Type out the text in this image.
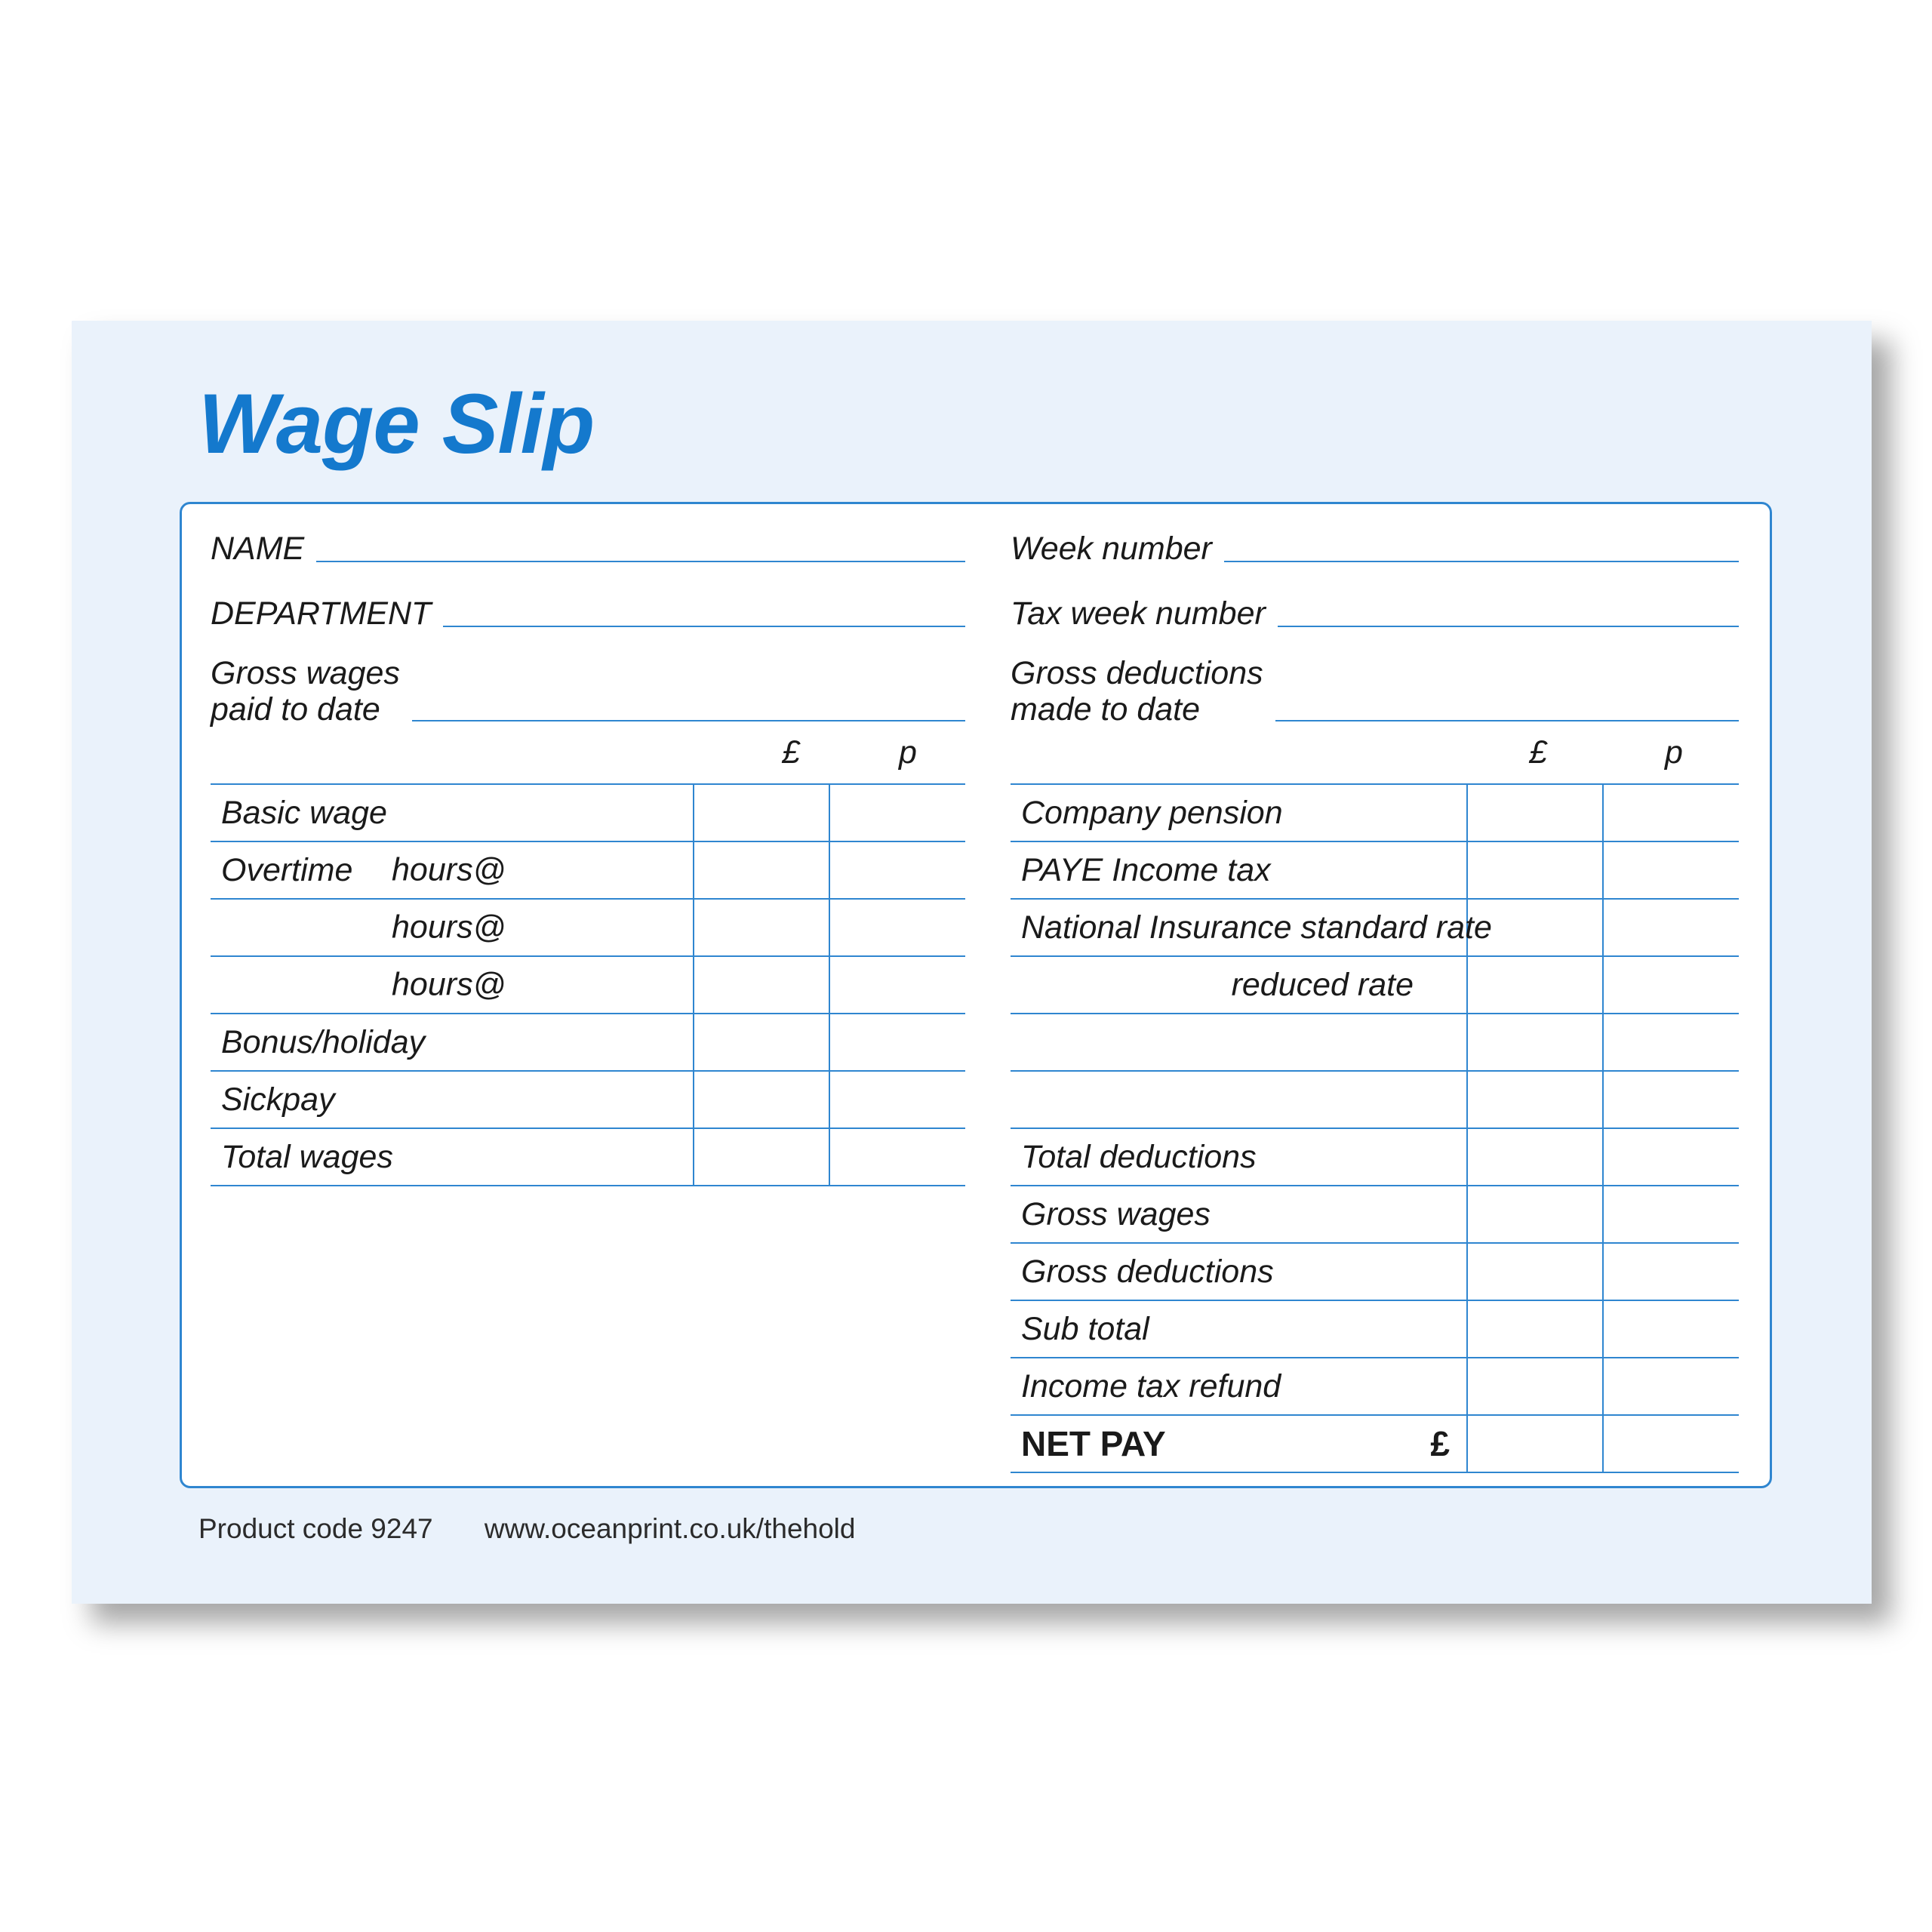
Wage Slip
NAME
DEPARTMENT
Gross wages
paid to date
£	p
Basic wage		
Overtime hours@		

hours@		

hours@		

Bonus/holiday		
Sickpay		
Total wages		
Week number
Tax week number
Gross deductions
made to date
£	p
Company pension		
PAYE Income tax		
National Insurance standard rate		
reduced rate		

Total deductions		
Gross wages		
Gross deductions		
Sub total		
Income tax refund		
NET PAY £		

Product code 9247 www.oceanprint.co.uk/thehold
